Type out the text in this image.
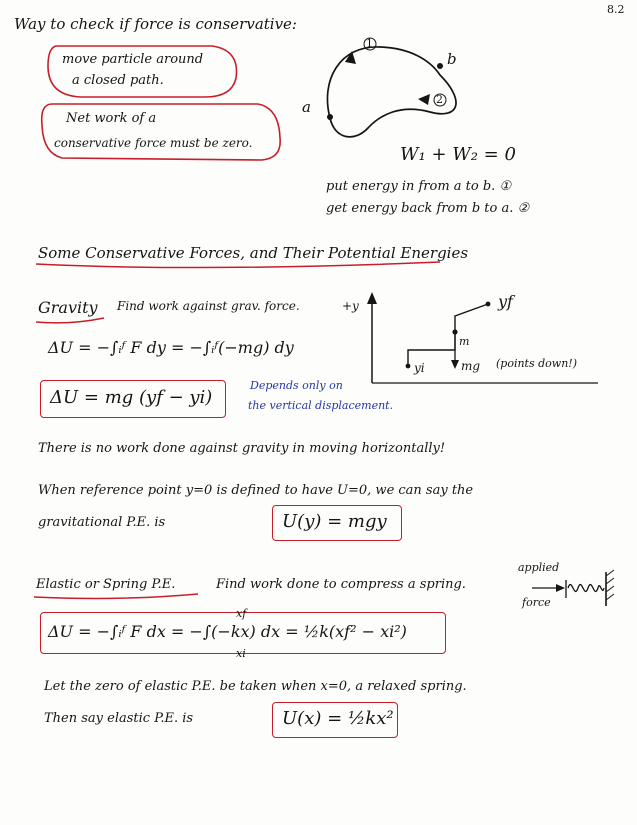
8.2
Way to check if force is conservative:
move particle around
a closed path.
Net work of a
conservative force must be zero.
1
2
a
b
W₁ + W₂ = 0
put energy in from a to b. ①
get energy back from b to a. ②
Some Conservative Forces, and Their Potential Energies
Gravity Find work against grav. force.
ΔU = −∫ᵢᶠ F dy = −∫ᵢᶠ(−mg) dy
ΔU = mg (yf − yi)
Depends only on
the vertical displacement.
+y	yf
yi
m
mg (points down!)
There is no work done against gravity in moving horizontally!
When reference point y=0 is defined to have U=0, we can say the
gravitational P.E. is	U(y) = mgy
Elastic or Spring P.E.	Find work done to compress a spring.
applied
force
ΔU = −∫ᵢᶠ F dx = −∫(−kx) dx = ½k(xf² − xi²)
xf
xi
Let the zero of elastic P.E. be taken when x=0, a relaxed spring.
Then say elastic P.E. is	U(x) = ½kx²
